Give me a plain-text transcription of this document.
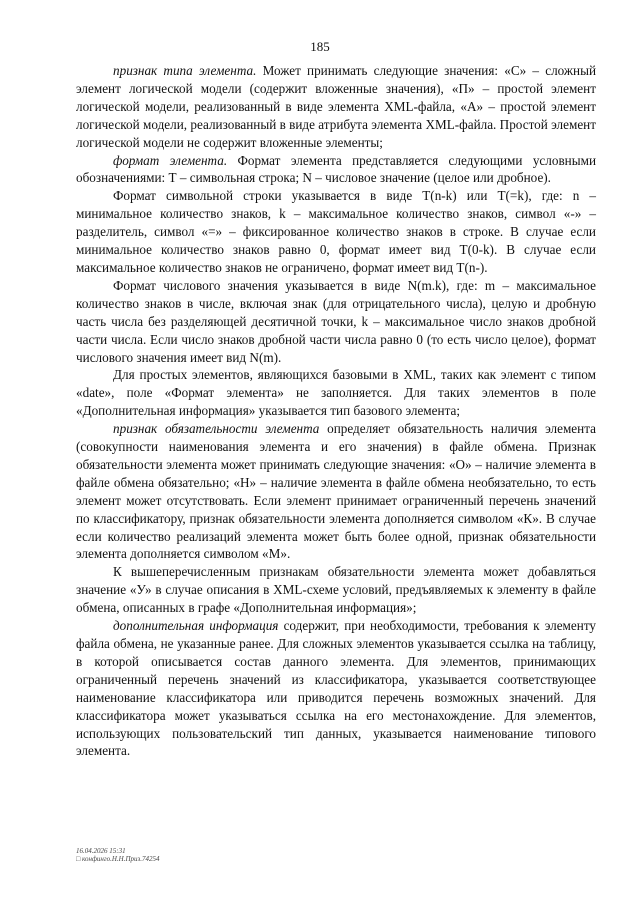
185

признак типа элемента. Может принимать следующие значения: «С» – сложный элемент логической модели (содержит вложенные значения), «П» – простой элемент логической модели, реализованный в виде элемента XML-файла, «А» – простой элемент логической модели, реализованный в виде атрибута элемента XML-файла. Простой элемент логической модели не содержит вложенные элементы;

формат элемента. Формат элемента представляется следующими условными обозначениями: Т – символьная строка; N – числовое значение (целое или дробное).

Формат символьной строки указывается в виде T(n-k) или T(=k), где: n – минимальное количество знаков, k – максимальное количество знаков, символ «-» – разделитель, символ «=» – фиксированное количество знаков в строке. В случае если минимальное количество знаков равно 0, формат имеет вид T(0-k). В случае если максимальное количество знаков не ограничено, формат имеет вид T(n-).

Формат числового значения указывается в виде N(m.k), где: m – максимальное количество знаков в числе, включая знак (для отрицательного числа), целую и дробную часть числа без разделяющей десятичной точки, k – максимальное число знаков дробной части числа. Если число знаков дробной части числа равно 0 (то есть число целое), формат числового значения имеет вид N(m).

Для простых элементов, являющихся базовыми в XML, таких как элемент с типом «date», поле «Формат элемента» не заполняется. Для таких элементов в поле «Дополнительная информация» указывается тип базового элемента;

признак обязательности элемента определяет обязательность наличия элемента (совокупности наименования элемента и его значения) в файле обмена. Признак обязательности элемента может принимать следующие значения: «О» – наличие элемента в файле обмена обязательно; «Н» – наличие элемента в файле обмена необязательно, то есть элемент может отсутствовать. Если элемент принимает ограниченный перечень значений по классификатору, признак обязательности элемента дополняется символом «К». В случае если количество реализаций элемента может быть более одной, признак обязательности элемента дополняется символом «М».

К вышеперечисленным признакам обязательности элемента может добавляться значение «У» в случае описания в XML-схеме условий, предъявляемых к элементу в файле обмена, описанных в графе «Дополнительная информация»;

дополнительная информация содержит, при необходимости, требования к элементу файла обмена, не указанные ранее. Для сложных элементов указывается ссылка на таблицу, в которой описывается состав данного элемента. Для элементов, принимающих ограниченный перечень значений из классификатора, указывается соответствующее наименование классификатора или приводится перечень возможных значений. Для классификатора может указываться ссылка на его местонахождение. Для элементов, использующих пользовательский тип данных, указывается наименование типового элемента.

16.04.2026 15:31
□ конфинго.Н.Н.Приз.74254
